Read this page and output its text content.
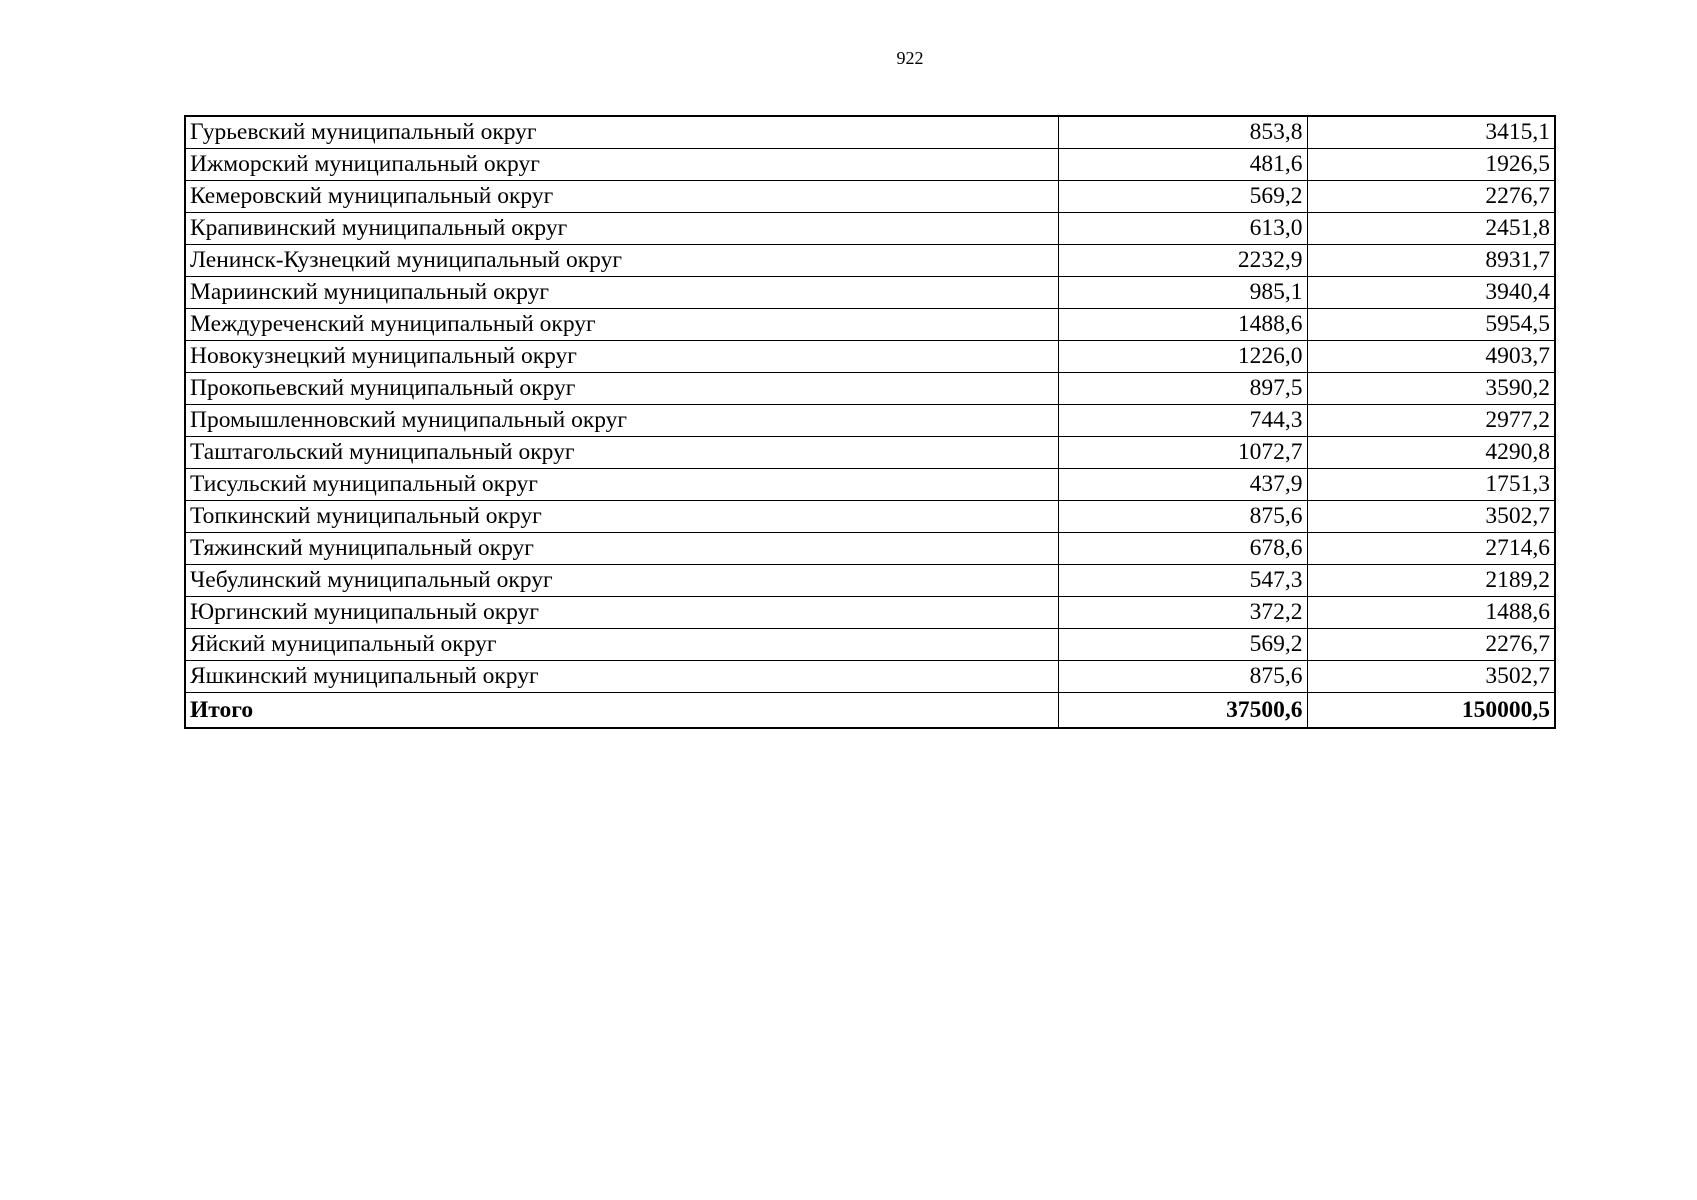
922
Гурьевский муниципальный округ	853,8	3415,1
Ижморский муниципальный округ	481,6	1926,5
Кемеровский муниципальный округ	569,2	2276,7
Крапивинский муниципальный округ	613,0	2451,8
Ленинск-Кузнецкий муниципальный округ	2232,9	8931,7
Мариинский муниципальный округ	985,1	3940,4
Междуреченский муниципальный округ	1488,6	5954,5
Новокузнецкий муниципальный округ	1226,0	4903,7
Прокопьевский муниципальный округ	897,5	3590,2
Промышленновский муниципальный округ	744,3	2977,2
Таштагольский муниципальный округ	1072,7	4290,8
Тисульский муниципальный округ	437,9	1751,3
Топкинский муниципальный округ	875,6	3502,7
Тяжинский муниципальный округ	678,6	2714,6
Чебулинский муниципальный округ	547,3	2189,2
Юргинский муниципальный округ	372,2	1488,6
Яйский муниципальный округ	569,2	2276,7
Яшкинский муниципальный округ	875,6	3502,7
Итого	37500,6	150000,5
